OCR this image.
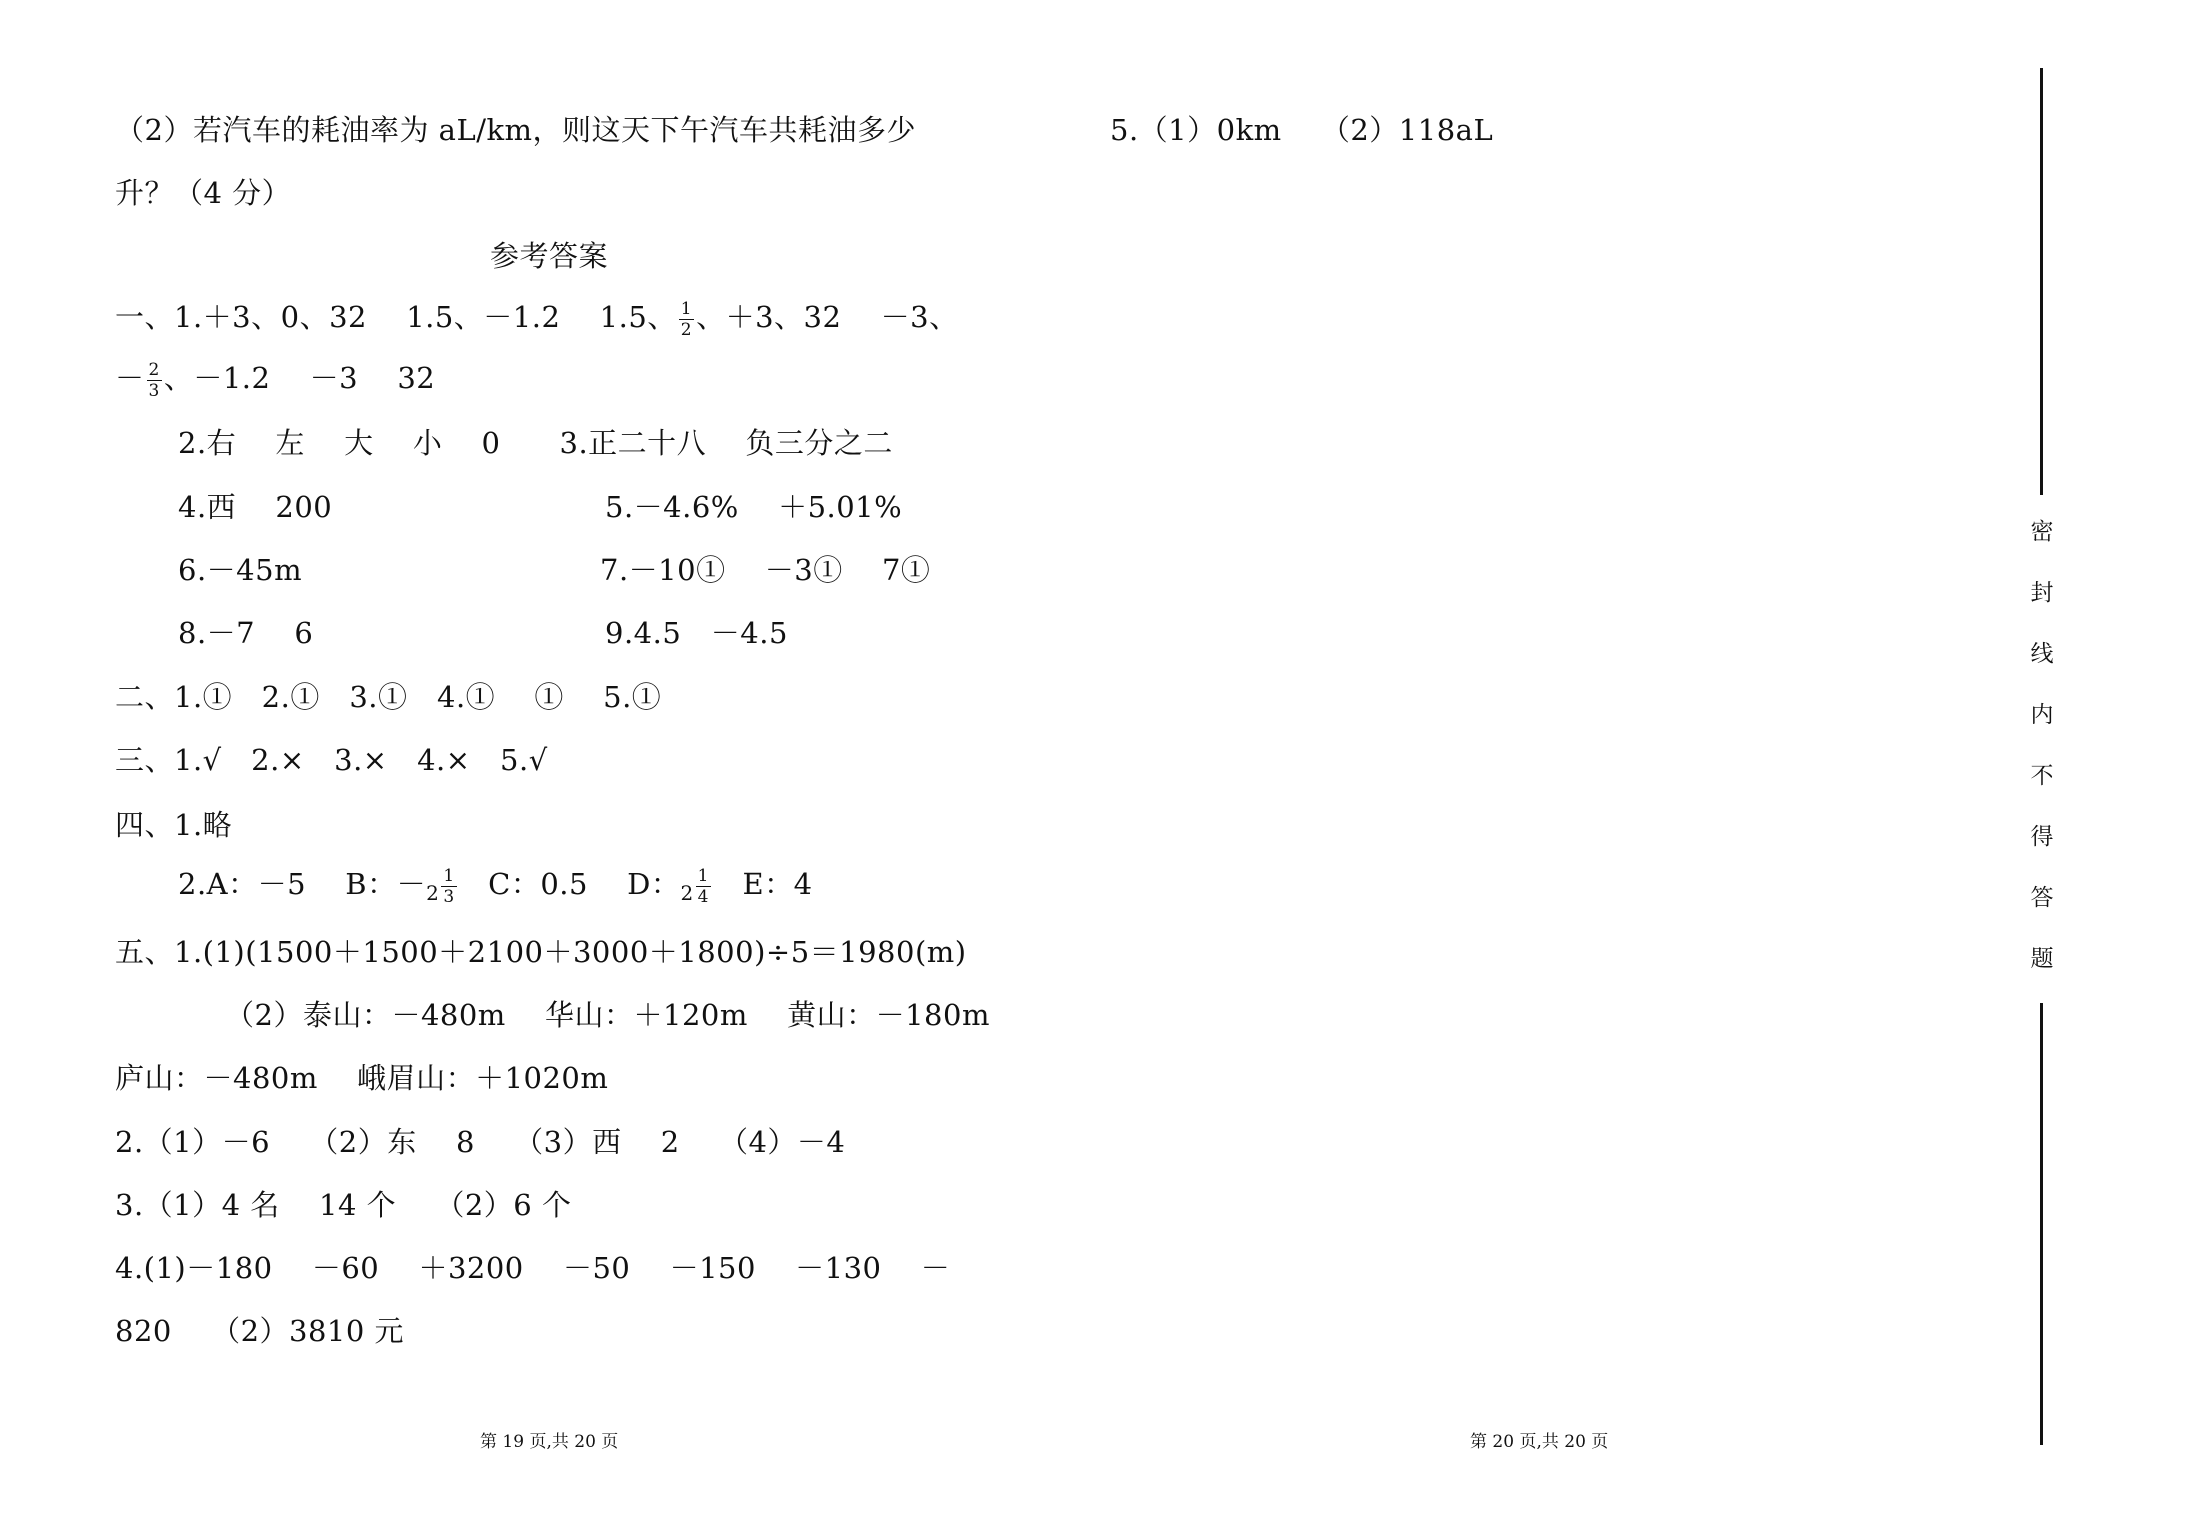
（2）若汽车的耗油率为 aL/km，则这天下午汽车共耗油多少
升？（4 分）
参考答案
一、1.＋3、0、32　 1.5、－1.2　 1.5、 $\frac{1}{2}$ 、＋3、32　 －3、
－ $\frac{2}{3}$ 、－1.2　 －3　 32
2.右　 左　 大　 小　 0　　3.正二十八　 负三分之二
4.西　 200	5.－4.6%　 ＋5.01%
6.－45m	7.－10①　 －3①　 7①
8.－7　 6	9.4.5　－4.5
二、1.①　2.①　3.①　4.①　 ①　 5.①
三、1.√　2.×　3.×　4.×　5.√
四、1.略
2.A：－5　 B：$-_2 \frac{1}{3}$ 　C：0.5　 D：$_2 \frac{1}{4}$ 　E：4
五、1.(1)(1500＋1500＋2100＋3000＋1800)÷5＝1980(m)
（2）泰山：－480m　 华山：＋120m　 黄山：－180m
庐山：－480m　 峨眉山：＋1020m
2.（1）－6　 （2）东　 8　 （3）西　 2　 （4）－4
3.（1）4 名　 14 个　 （2）6 个
4.(1)－180　 －60　 ＋3200　 －50　 －150　 －130　 －
820　 （2）3810 元
5.（1）0km　 （2）118aL
第 19 页,共 20 页	第 20 页,共 20 页
密
封
线
内
不
得
答
题
